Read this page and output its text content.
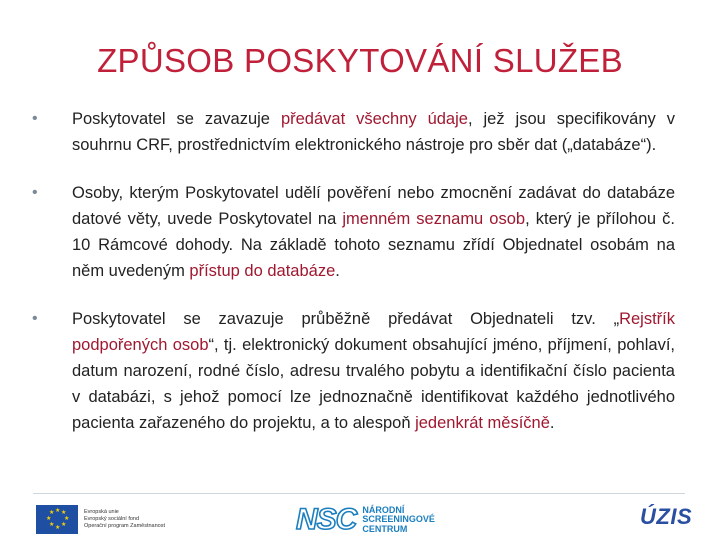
ZPŮSOB POSKYTOVÁNÍ SLUŽEB
•	Poskytovatel se zavazuje předávat všechny údaje, jež jsou specifikovány v souhrnu CRF, prostřednictvím elektronického nástroje pro sběr dat („databáze“).
•	Osoby, kterým Poskytovatel udělí pověření nebo zmocnění zadávat do databáze datové věty, uvede Poskytovatel na jmenném seznamu osob, který je přílohou č. 10 Rámcové dohody. Na základě tohoto seznamu zřídí Objednatel osobám na něm uvedeným přístup do databáze.
•	Poskytovatel se zavazuje průběžně předávat Objednateli tzv. „Rejstřík podpořených osob“, tj. elektronický dokument obsahující jméno, příjmení, pohlaví, datum narození, rodné číslo, adresu trvalého pobytu a identifikační číslo pacienta v databázi, s jehož pomocí lze jednoznačně identifikovat každého jednotlivého pacienta zařazeného do projektu, a to alespoň jedenkrát měsíčně.
★ ★
★
★
★
★
★
★	Evropská unie
Evropský sociální fond
Operační program Zaměstnanost	NSC NÁRODNÍ
SCREENINGOVÉ
CENTRUM	ÚZIS
